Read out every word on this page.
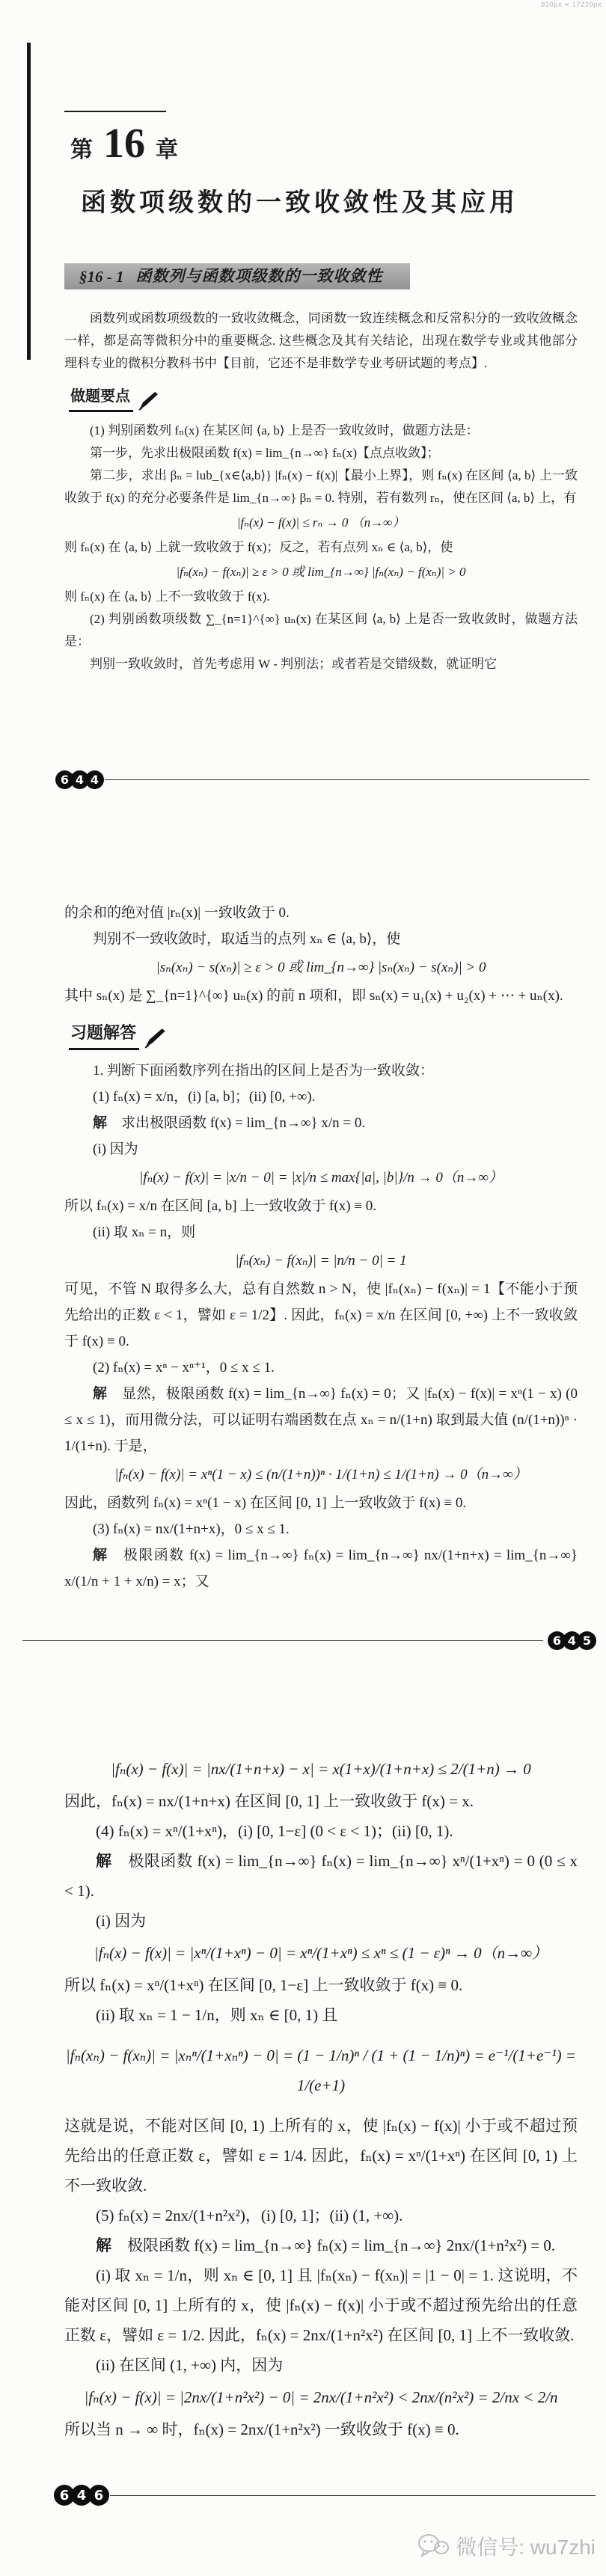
810px × 17220px
第 16 章
函数项级数的一致收敛性及其应用
§16 - 1 函数列与函数项级数的一致收敛性
函数列或函数项级数的一致收敛概念，同函数一致连续概念和反常积分的一致收敛概念一样，都是高等微积分中的重要概念. 这些概念及其有关结论，出现在数学专业或其他部分理科专业的微积分教科书中【目前，它还不是非数学专业考研试题的考点】.
做题要点
(1) 判别函数列 fₙ(x) 在某区间 ⟨a, b⟩ 上是否一致收敛时，做题方法是：
第一步，先求出极限函数 f(x) = lim_{n→∞} fₙ(x)【点点收敛】；
第二步，求出 βₙ = lub_{x∈⟨a,b⟩} |fₙ(x) − f(x)|【最小上界】，则 fₙ(x) 在区间 ⟨a, b⟩ 上一致收敛于 f(x) 的充分必要条件是 lim_{n→∞} βₙ = 0. 特别，若有数列 rₙ，使在区间 ⟨a, b⟩ 上，有
|fₙ(x) − f(x)| ≤ rₙ → 0 （n→∞）
则 fₙ(x) 在 ⟨a, b⟩ 上就一致收敛于 f(x)；反之，若有点列 xₙ ∈ ⟨a, b⟩，使
|fₙ(xₙ) − f(xₙ)| ≥ ε > 0 或 lim_{n→∞} |fₙ(xₙ) − f(xₙ)| > 0
则 fₙ(x) 在 ⟨a, b⟩ 上不一致收敛于 f(x).
(2) 判别函数项级数 ∑_{n=1}^{∞} uₙ(x) 在某区间 ⟨a, b⟩ 上是否一致收敛时，做题方法是：
判别一致收敛时，首先考虑用 W - 判别法；或者若是交错级数，就证明它
6 4 4
的余和的绝对值 |rₙ(x)| 一致收敛于 0.
判别不一致收敛时，取适当的点列 xₙ ∈ ⟨a, b⟩，使
|sₙ(xₙ) − s(xₙ)| ≥ ε > 0 或 lim_{n→∞} |sₙ(xₙ) − s(xₙ)| > 0
其中 sₙ(x) 是 ∑_{n=1}^{∞} uₙ(x) 的前 n 项和，即 sₙ(x) = u₁(x) + u₂(x) + ⋯ + uₙ(x).
习题解答
1. 判断下面函数序列在指出的区间上是否为一致收敛：
(1) fₙ(x) = x/n，(i) [a, b]；(ii) [0, +∞).
解　求出极限函数 f(x) = lim_{n→∞} x/n = 0.
(i) 因为
|fₙ(x) − f(x)| = |x/n − 0| = |x|/n ≤ max{|a|, |b|}/n → 0（n→∞）
所以 fₙ(x) = x/n 在区间 [a, b] 上一致收敛于 f(x) ≡ 0.
(ii) 取 xₙ = n，则
|fₙ(xₙ) − f(xₙ)| = |n/n − 0| = 1
可见，不管 N 取得多么大，总有自然数 n > N，使 |fₙ(xₙ) − f(xₙ)| = 1【不能小于预先给出的正数 ε < 1，譬如 ε = 1/2】. 因此，fₙ(x) = x/n 在区间 [0, +∞) 上不一致收敛于 f(x) ≡ 0.
(2) fₙ(x) = xⁿ − xⁿ⁺¹，0 ≤ x ≤ 1.
解　显然，极限函数 f(x) = lim_{n→∞} fₙ(x) = 0；又 |fₙ(x) − f(x)| = xⁿ(1 − x) (0 ≤ x ≤ 1)，而用微分法，可以证明右端函数在点 xₙ = n/(1+n) 取到最大值 (n/(1+n))ⁿ · 1/(1+n). 于是，
|fₙ(x) − f(x)| = xⁿ(1 − x) ≤ (n/(1+n))ⁿ · 1/(1+n) ≤ 1/(1+n) → 0（n→∞）
因此，函数列 fₙ(x) = xⁿ(1 − x) 在区间 [0, 1] 上一致收敛于 f(x) ≡ 0.
(3) fₙ(x) = nx/(1+n+x)，0 ≤ x ≤ 1.
解　极限函数 f(x) = lim_{n→∞} fₙ(x) = lim_{n→∞} nx/(1+n+x) = lim_{n→∞} x/(1/n + 1 + x/n) = x；又
6 4 5
|fₙ(x) − f(x)| = |nx/(1+n+x) − x| = x(1+x)/(1+n+x) ≤ 2/(1+n) → 0
因此，fₙ(x) = nx/(1+n+x) 在区间 [0, 1] 上一致收敛于 f(x) = x.
(4) fₙ(x) = xⁿ/(1+xⁿ)，(i) [0, 1−ε] (0 < ε < 1)；(ii) [0, 1).
解　极限函数 f(x) = lim_{n→∞} fₙ(x) = lim_{n→∞} xⁿ/(1+xⁿ) = 0 (0 ≤ x < 1).
(i) 因为
|fₙ(x) − f(x)| = |xⁿ/(1+xⁿ) − 0| = xⁿ/(1+xⁿ) ≤ xⁿ ≤ (1 − ε)ⁿ → 0（n→∞）
所以 fₙ(x) = xⁿ/(1+xⁿ) 在区间 [0, 1−ε] 上一致收敛于 f(x) ≡ 0.
(ii) 取 xₙ = 1 − 1/n，则 xₙ ∈ [0, 1) 且
|fₙ(xₙ) − f(xₙ)| = |xₙⁿ/(1+xₙⁿ) − 0| = (1 − 1/n)ⁿ / (1 + (1 − 1/n)ⁿ) = e⁻¹/(1+e⁻¹) = 1/(e+1)
这就是说，不能对区间 [0, 1) 上所有的 x，使 |fₙ(x) − f(x)| 小于或不超过预先给出的任意正数 ε，譬如 ε = 1/4. 因此，fₙ(x) = xⁿ/(1+xⁿ) 在区间 [0, 1) 上不一致收敛.
(5) fₙ(x) = 2nx/(1+n²x²)，(i) [0, 1]；(ii) (1, +∞).
解　极限函数 f(x) = lim_{n→∞} fₙ(x) = lim_{n→∞} 2nx/(1+n²x²) = 0.
(i) 取 xₙ = 1/n，则 xₙ ∈ [0, 1] 且 |fₙ(xₙ) − f(xₙ)| = |1 − 0| = 1. 这说明，不能对区间 [0, 1] 上所有的 x，使 |fₙ(x) − f(x)| 小于或不超过预先给出的任意正数 ε，譬如 ε = 1/2. 因此，fₙ(x) = 2nx/(1+n²x²) 在区间 [0, 1] 上不一致收敛.
(ii) 在区间 (1, +∞) 内，因为
|fₙ(x) − f(x)| = |2nx/(1+n²x²) − 0| = 2nx/(1+n²x²) < 2nx/(n²x²) = 2/nx < 2/n
所以当 n → ∞ 时，fₙ(x) = 2nx/(1+n²x²) 一致收敛于 f(x) ≡ 0.
6 4 6
微信号: wu7zhi
